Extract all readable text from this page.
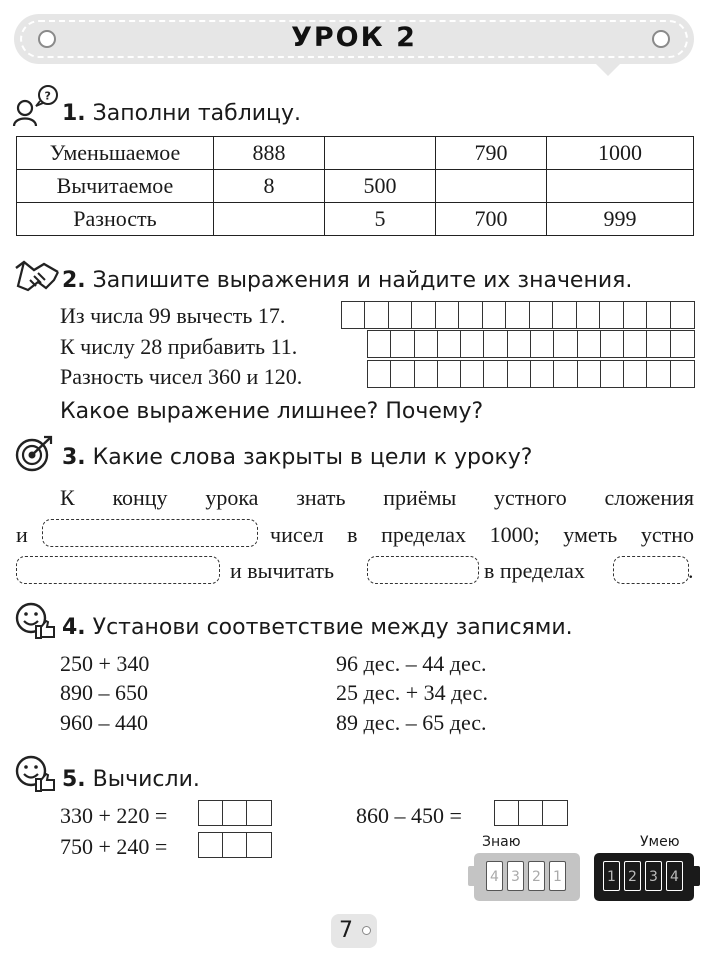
УРОК 2
?
1. Заполни таблицу.
Уменьшаемое	888		790	1000
Вычитаемое	8	500		
Разность		5	700	999
2. Запишите выражения и найдите их значения.
Из числа 99 вычесть 17.
К числу 28 прибавить 11.
Разность чисел 360 и 120.
Какое выражение лишнее? Почему?
3. Какие слова закрыты в цели к уроку?
К концу урока знать приёмы устного сложения
и	чисел в пределах 1000; уметь устно
и вычитать	в пределах	.
4. Установи соответствие между записями.
250 + 340
890 – 650
960 – 440
96 дес. – 44 дес.
25 дес. + 34 дес.
89 дес. – 65 дес.
5. Вычисли.
330 + 220 =
750 + 240 =
860 – 450 =
Знаю	Умею
4 3 2 1	1 2 3 4
7
